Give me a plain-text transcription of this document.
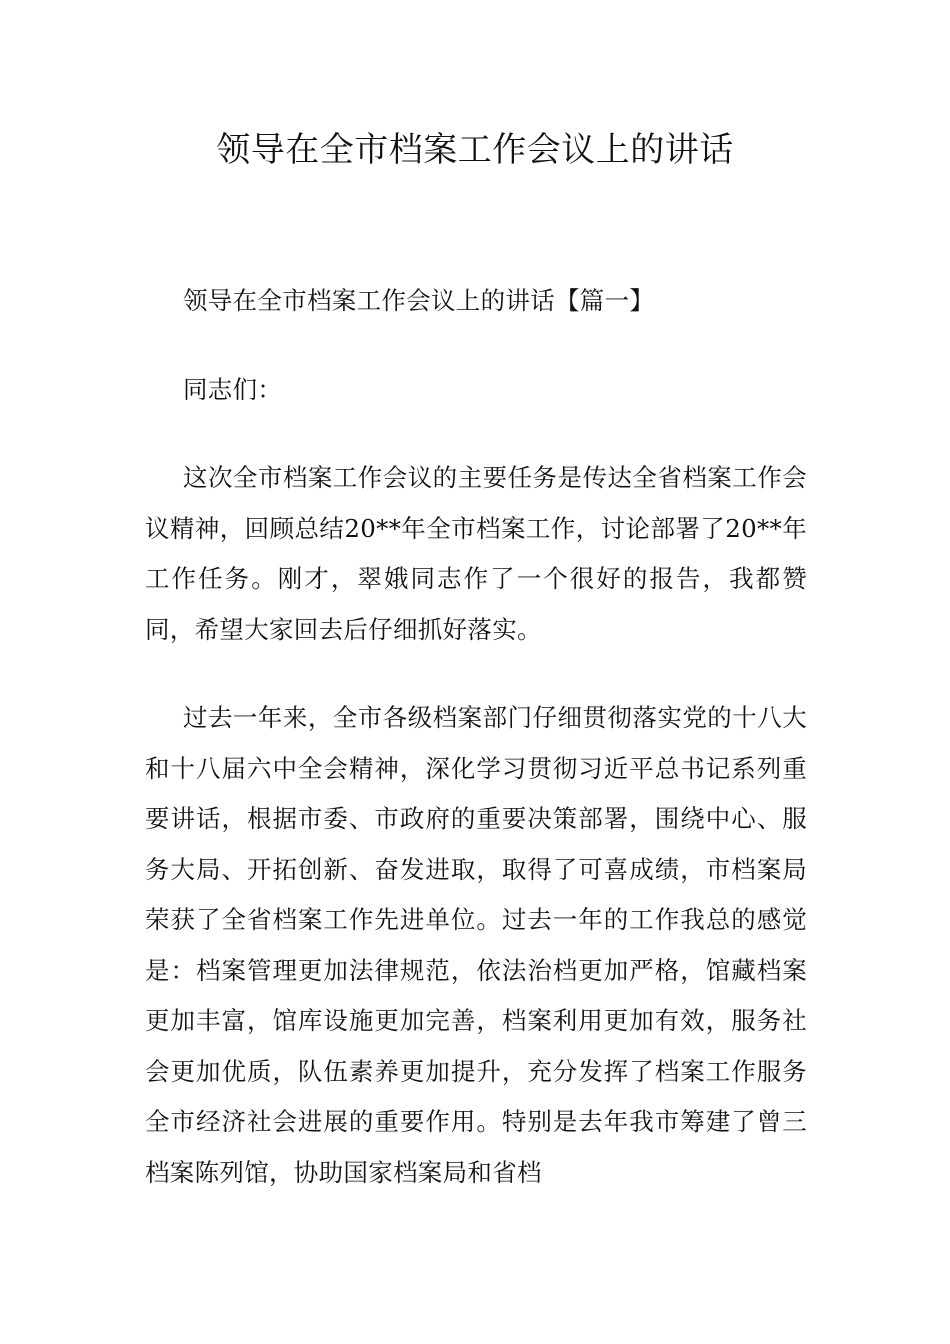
领导在全市档案工作会议上的讲话

领导在全市档案工作会议上的讲话【篇一】

同志们：

这次全市档案工作会议的主要任务是传达全省档案工作会议精神，回顾总结20**年全市档案工作，讨论部署了20**年工作任务。刚才，翠娥同志作了一个很好的报告，我都赞同，希望大家回去后仔细抓好落实。

过去一年来，全市各级档案部门仔细贯彻落实党的十八大和十八届六中全会精神，深化学习贯彻习近平总书记系列重要讲话，根据市委、市政府的重要决策部署，围绕中心、服务大局、开拓创新、奋发进取，取得了可喜成绩，市档案局荣获了全省档案工作先进单位。过去一年的工作我总的感觉是：档案管理更加法律规范，依法治档更加严格，馆藏档案更加丰富，馆库设施更加完善，档案利用更加有效，服务社会更加优质，队伍素养更加提升，充分发挥了档案工作服务全市经济社会进展的重要作用。特别是去年我市筹建了曾三档案陈列馆，协助国家档案局和省档
